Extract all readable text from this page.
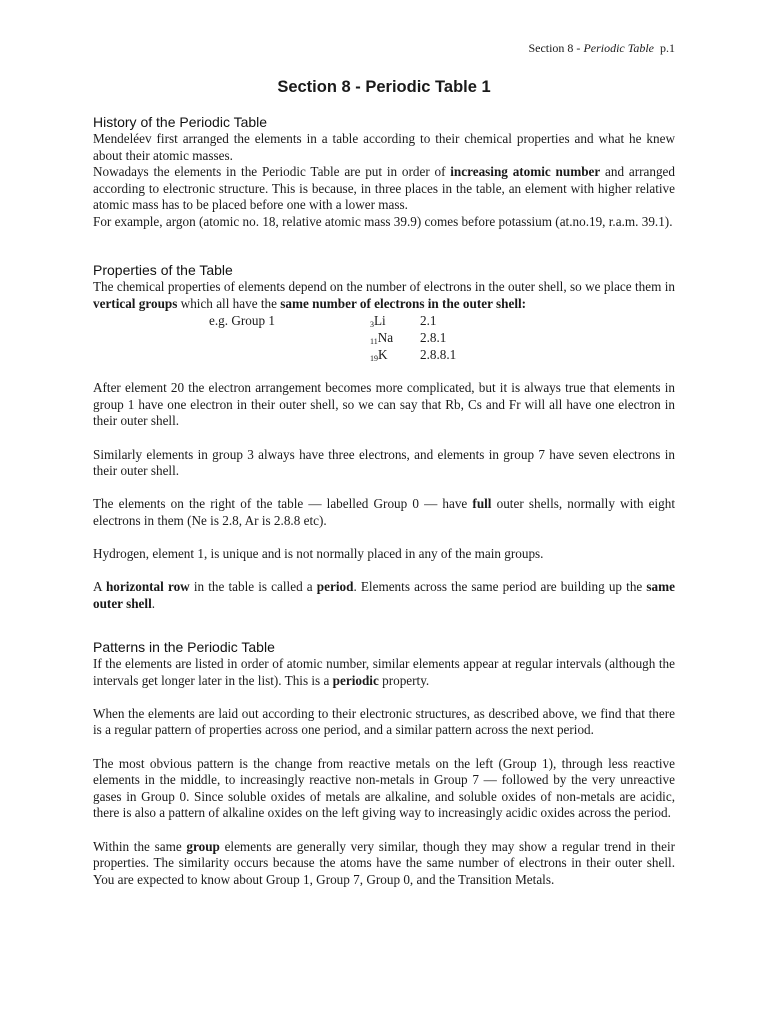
Section 8 - Periodic Table p.1
Section 8 - Periodic Table 1
History of the Periodic Table

Mendeléev first arranged the elements in a table according to their chemical properties and what he knew about their atomic masses.

Nowadays the elements in the Periodic Table are put in order of increasing atomic number and arranged according to electronic structure. This is because, in three places in the table, an element with higher relative atomic mass has to be placed before one with a lower mass.

For example, argon (atomic no. 18, relative atomic mass 39.9) comes before potassium (at.no.19, r.a.m. 39.1).

Properties of the Table

The chemical properties of elements depend on the number of electrons in the outer shell, so we place them in vertical groups which all have the same number of electrons in the outer shell:

e.g. Group 1	$_3$Li	2.1
$_{11}$Na 2.8.1
$_{19}$K 2.8.8.1

After element 20 the electron arrangement becomes more complicated, but it is always true that elements in group 1 have one electron in their outer shell, so we can say that Rb, Cs and Fr will all have one electron in their outer shell.

Similarly elements in group 3 always have three electrons, and elements in group 7 have seven electrons in their outer shell.

The elements on the right of the table — labelled Group 0 — have full outer shells, normally with eight electrons in them (Ne is 2.8, Ar is 2.8.8 etc).

Hydrogen, element 1, is unique and is not normally placed in any of the main groups.

A horizontal row in the table is called a period. Elements across the same period are building up the same outer shell.

Patterns in the Periodic Table

If the elements are listed in order of atomic number, similar elements appear at regular intervals (although the intervals get longer later in the list). This is a periodic property.

When the elements are laid out according to their electronic structures, as described above, we find that there is a regular pattern of properties across one period, and a similar pattern across the next period.

The most obvious pattern is the change from reactive metals on the left (Group 1), through less reactive elements in the middle, to increasingly reactive non-metals in Group 7 — followed by the very unreactive gases in Group 0. Since soluble oxides of metals are alkaline, and soluble oxides of non-metals are acidic, there is also a pattern of alkaline oxides on the left giving way to increasingly acidic oxides across the period.

Within the same group elements are generally very similar, though they may show a regular trend in their properties. The similarity occurs because the atoms have the same number of electrons in their outer shell. You are expected to know about Group 1, Group 7, Group 0, and the Transition Metals.
